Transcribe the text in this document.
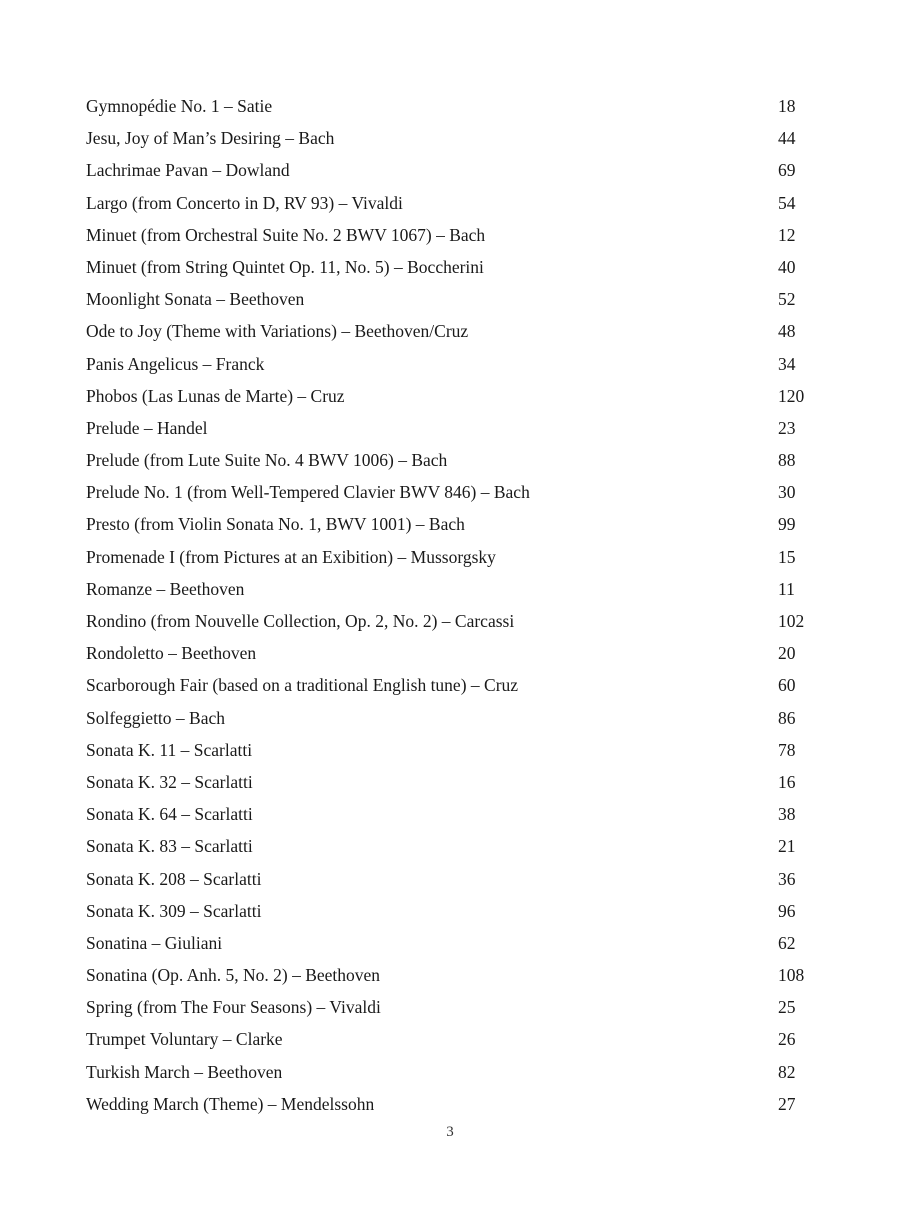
Gymnopédie No. 1 – Satie	18
Jesu, Joy of Man’s Desiring – Bach	44
Lachrimae Pavan – Dowland	69
Largo (from Concerto in D, RV 93) – Vivaldi	54
Minuet (from Orchestral Suite No. 2 BWV 1067) – Bach	12
Minuet (from String Quintet Op. 11, No. 5) – Boccherini	40
Moonlight Sonata – Beethoven	52
Ode to Joy (Theme with Variations) – Beethoven/Cruz	48
Panis Angelicus – Franck	34
Phobos (Las Lunas de Marte) – Cruz	120
Prelude – Handel	23
Prelude (from Lute Suite No. 4 BWV 1006) – Bach	88
Prelude No. 1 (from Well-Tempered Clavier BWV 846) – Bach	30
Presto (from Violin Sonata No. 1, BWV 1001) – Bach	99
Promenade I (from Pictures at an Exibition) – Mussorgsky	15
Romanze – Beethoven	11
Rondino (from Nouvelle Collection, Op. 2, No. 2) – Carcassi	102
Rondoletto – Beethoven	20
Scarborough Fair (based on a traditional English tune) – Cruz	60
Solfeggietto – Bach	86
Sonata K. 11 – Scarlatti	78
Sonata K. 32 – Scarlatti	16
Sonata K. 64 – Scarlatti	38
Sonata K. 83 – Scarlatti	21
Sonata K. 208 – Scarlatti	36
Sonata K. 309 – Scarlatti	96
Sonatina – Giuliani	62
Sonatina (Op. Anh. 5, No. 2) – Beethoven	108
Spring (from The Four Seasons) – Vivaldi	25
Trumpet Voluntary – Clarke	26
Turkish March – Beethoven	82
Wedding March (Theme) – Mendelssohn	27
3
